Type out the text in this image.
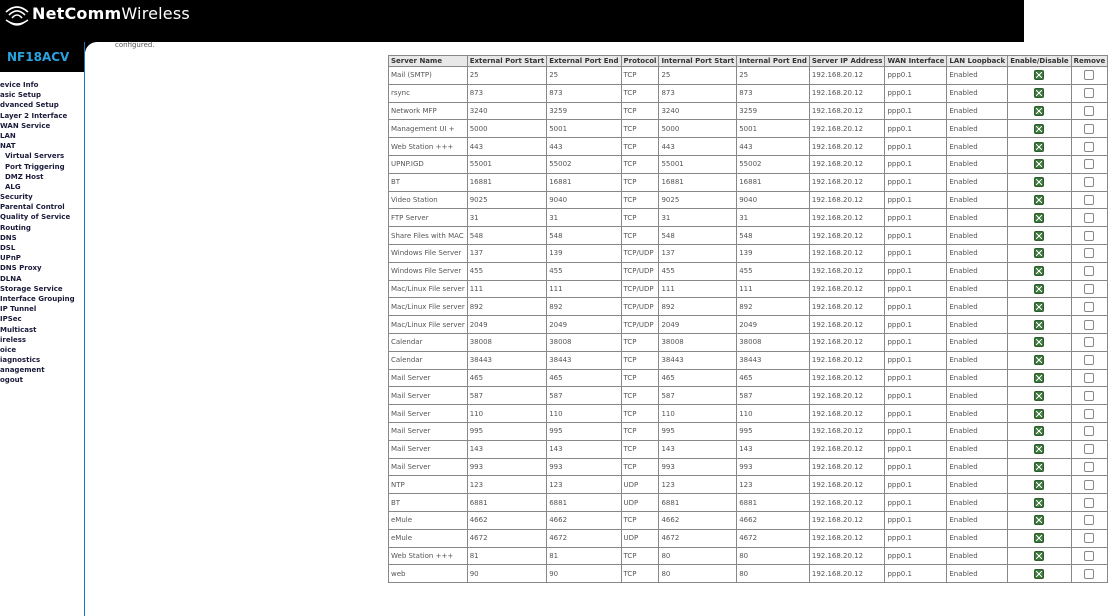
NetCommWireless
NF18ACV
evice Info
asic Setup
dvanced Setup
Layer 2 Interface
WAN Service
LAN
NAT
Virtual Servers
Port Triggering
DMZ Host
ALG
Security
Parental Control
Quality of Service
Routing
DNS
DSL
UPnP
DNS Proxy
DLNA
Storage Service
Interface Grouping
IP Tunnel
IPSec
Multicast
ireless
oice
iagnostics
anagement
ogout
configured.
Server Name	External Port Start	External Port End	Protocol	Internal Port Start	Internal Port End	Server IP Address	WAN Interface	LAN Loopback	Enable/Disable	Remove
Mail (SMTP)	25	25	TCP	25	25	192.168.20.12	ppp0.1	Enabled		
rsync	873	873	TCP	873	873	192.168.20.12	ppp0.1	Enabled		
Network MFP	3240	3259	TCP	3240	3259	192.168.20.12	ppp0.1	Enabled		
Management UI +	5000	5001	TCP	5000	5001	192.168.20.12	ppp0.1	Enabled		
Web Station +++	443	443	TCP	443	443	192.168.20.12	ppp0.1	Enabled		
UPNP.IGD	55001	55002	TCP	55001	55002	192.168.20.12	ppp0.1	Enabled		
BT	16881	16881	TCP	16881	16881	192.168.20.12	ppp0.1	Enabled		
Video Station	9025	9040	TCP	9025	9040	192.168.20.12	ppp0.1	Enabled		
FTP Server	31	31	TCP	31	31	192.168.20.12	ppp0.1	Enabled		
Share Files with MAC	548	548	TCP	548	548	192.168.20.12	ppp0.1	Enabled		
Windows File Server	137	139	TCP/UDP	137	139	192.168.20.12	ppp0.1	Enabled		
Windows File Server	455	455	TCP/UDP	455	455	192.168.20.12	ppp0.1	Enabled		
Mac/Linux File server	111	111	TCP/UDP	111	111	192.168.20.12	ppp0.1	Enabled		
Mac/Linux File server	892	892	TCP/UDP	892	892	192.168.20.12	ppp0.1	Enabled		
Mac/Linux File server	2049	2049	TCP/UDP	2049	2049	192.168.20.12	ppp0.1	Enabled		
Calendar	38008	38008	TCP	38008	38008	192.168.20.12	ppp0.1	Enabled		
Calendar	38443	38443	TCP	38443	38443	192.168.20.12	ppp0.1	Enabled		
Mail Server	465	465	TCP	465	465	192.168.20.12	ppp0.1	Enabled		
Mail Server	587	587	TCP	587	587	192.168.20.12	ppp0.1	Enabled		
Mail Server	110	110	TCP	110	110	192.168.20.12	ppp0.1	Enabled		
Mail Server	995	995	TCP	995	995	192.168.20.12	ppp0.1	Enabled		
Mail Server	143	143	TCP	143	143	192.168.20.12	ppp0.1	Enabled		
Mail Server	993	993	TCP	993	993	192.168.20.12	ppp0.1	Enabled		
NTP	123	123	UDP	123	123	192.168.20.12	ppp0.1	Enabled		
BT	6881	6881	UDP	6881	6881	192.168.20.12	ppp0.1	Enabled		
eMule	4662	4662	TCP	4662	4662	192.168.20.12	ppp0.1	Enabled		
eMule	4672	4672	UDP	4672	4672	192.168.20.12	ppp0.1	Enabled		
Web Station +++	81	81	TCP	80	80	192.168.20.12	ppp0.1	Enabled		
web	90	90	TCP	80	80	192.168.20.12	ppp0.1	Enabled		
